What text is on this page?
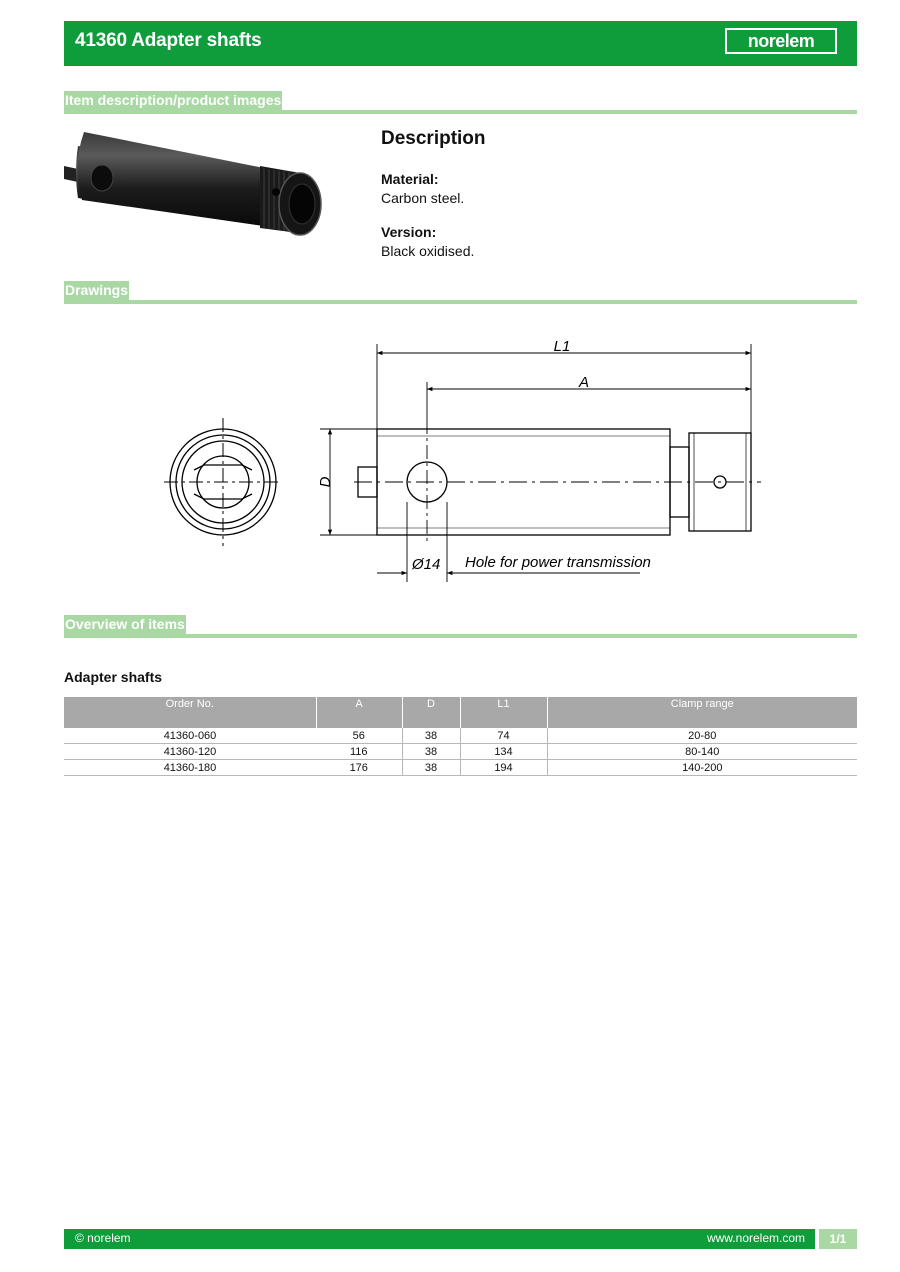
41360 Adapter shafts	norelem
Item description/product images
Description
Material:
Carbon steel.
Version:
Black oxidised.
Drawings
L1
A
D
Ø14 Hole for power transmission
Overview of items
Adapter shafts
Order No.	A	D	L1	Clamp range
41360-060	56	38	74	20-80
41360-120	116	38	134	80-140
41360-180	176	38	194	140-200
© norelem	www.norelem.com	1/1
